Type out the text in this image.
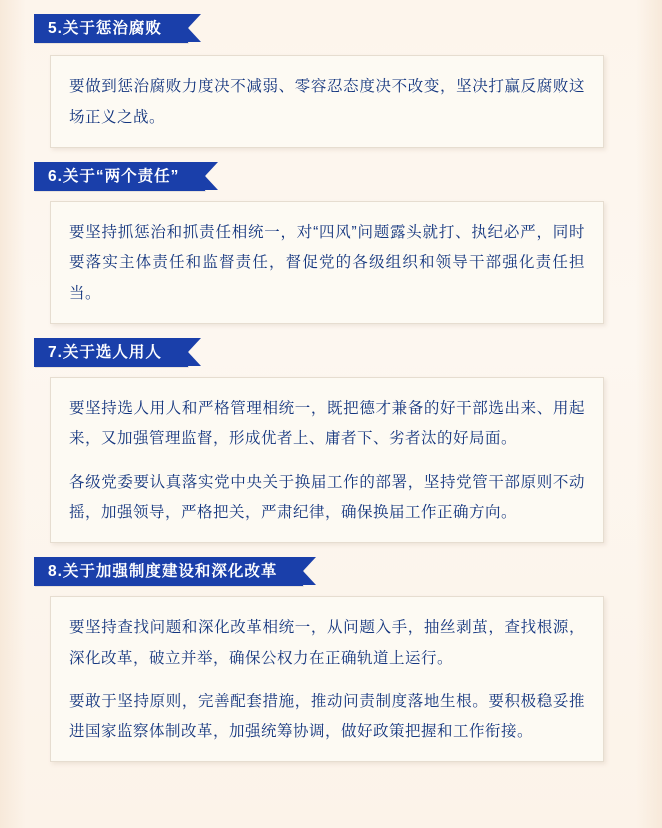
5.关于惩治腐败

要做到惩治腐败力度决不减弱、零容忍态度决不改变，坚决打赢反腐败这场正义之战。

6.关于“两个责任”

要坚持抓惩治和抓责任相统一，对“四风”问题露头就打、执纪必严，同时要落实主体责任和监督责任，督促党的各级组织和领导干部强化责任担当。

7.关于选人用人

要坚持选人用人和严格管理相统一，既把德才兼备的好干部选出来、用起来，又加强管理监督，形成优者上、庸者下、劣者汰的好局面。

各级党委要认真落实党中央关于换届工作的部署，坚持党管干部原则不动摇，加强领导，严格把关，严肃纪律，确保换届工作正确方向。

8.关于加强制度建设和深化改革

要坚持查找问题和深化改革相统一，从问题入手，抽丝剥茧，查找根源，深化改革，破立并举，确保公权力在正确轨道上运行。

要敢于坚持原则，完善配套措施，推动问责制度落地生根。要积极稳妥推进国家监察体制改革，加强统筹协调，做好政策把握和工作衔接。
